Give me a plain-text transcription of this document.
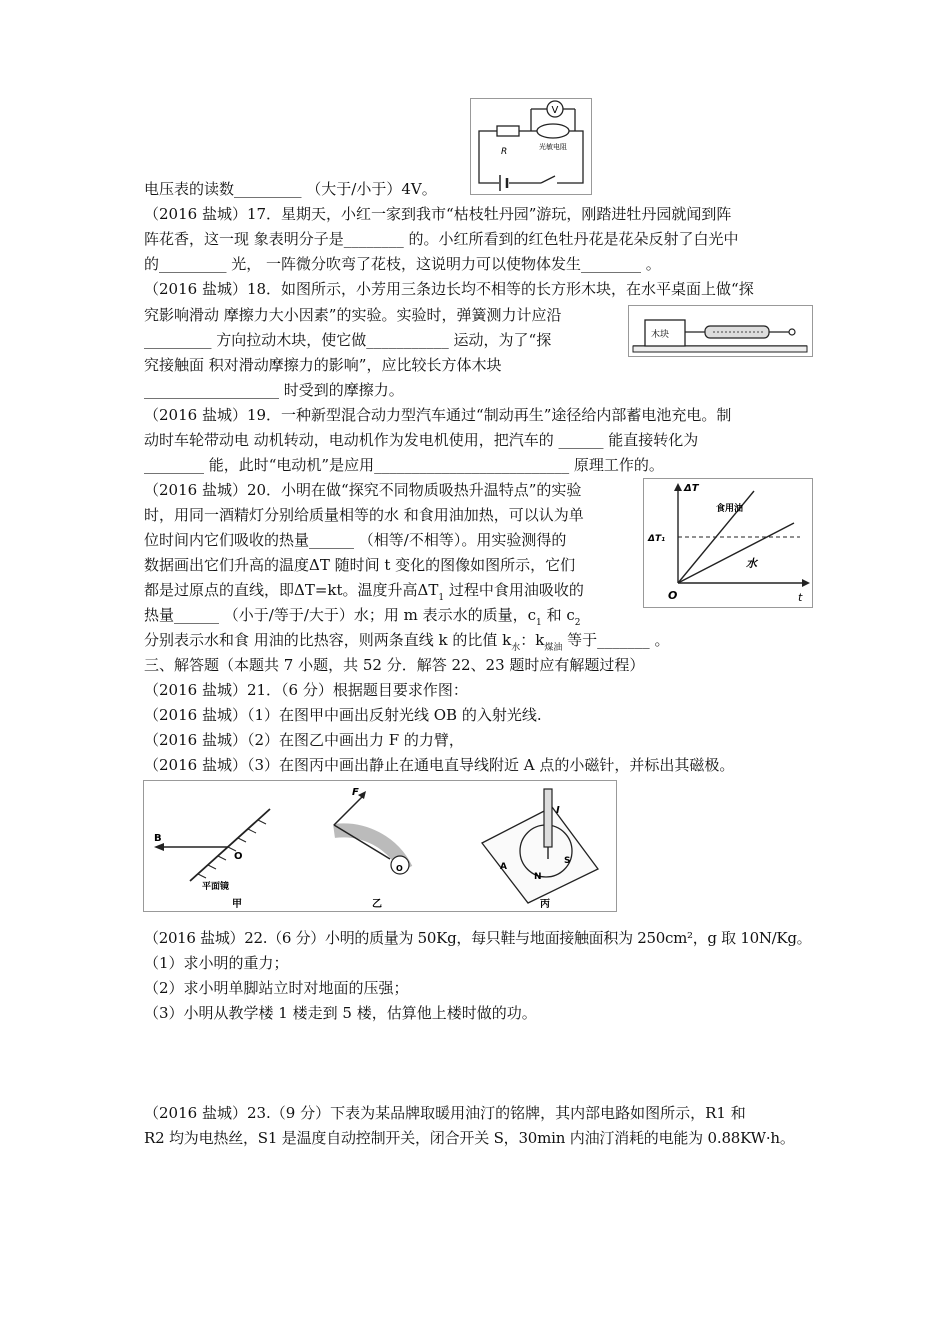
V
R	光敏电阻
木块
ΔT
ΔT₁
食用油
水
O	t
B
O
平面镜
甲
F
O
乙
I
A
N
S
丙
电压表的读数_________ （大于/小于）4V。
（2016 盐城）17．星期天，小红一家到我市“枯枝牡丹园”游玩，刚踏进牡丹园就闻到阵
阵花香，这一现 象表明分子是________ 的。小红所看到的红色牡丹花是花朵反射了白光中
的_________ 光， 一阵微分吹弯了花枝，这说明力可以使物体发生________ 。
（2016 盐城）18．如图所示，小芳用三条边长均不相等的长方形木块，在水平桌面上做“探
究影响滑动 摩擦力大小因素”的实验。实验时，弹簧测力计应沿
_________ 方向拉动木块，使它做___________ 运动，为了“探
究接触面 积对滑动摩擦力的影响”，应比较长方体木块
__________________ 时受到的摩擦力。
（2016 盐城）19．一种新型混合动力型汽车通过“制动再生”途径给内部蓄电池充电。制
动时车轮带动电 动机转动，电动机作为发电机使用，把汽车的 ______ 能直接转化为
________ 能，此时“电动机”是应用__________________________ 原理工作的。
（2016 盐城）20．小明在做“探究不同物质吸热升温特点”的实验
时，用同一酒精灯分别给质量相等的水 和食用油加热，可以认为单
位时间内它们吸收的热量______ （相等/不相等）。用实验测得的
数据画出它们升高的温度ΔT 随时间 t 变化的图像如图所示，它们
都是过原点的直线，即ΔT=kt。温度升高$\Delta T_1$ 过程中食用油吸收的
热量______ （小于/等于/大于）水；用 m 表示水的质量，$c_1$ 和 $c_2$
分别表示水和食 用油的比热容，则两条直线 k 的比值 $k_水$：$k_{煤油}$ 等于_______ 。
三、解答题（本题共 7 小题，共 52 分．解答 22、23 题时应有解题过程）
（2016 盐城）21．（6 分）根据题目要求作图：
（2016 盐城）（1）在图甲中画出反射光线 OB 的入射光线.
（2016 盐城）（2）在图乙中画出力 F 的力臂，
（2016 盐城）（3）在图丙中画出静止在通电直导线附近 A 点的小磁针，并标出其磁极。
（2016 盐城）22.（6 分）小明的质量为 50Kg，每只鞋与地面接触面积为 250cm²，g 取 10N/Kg。
（1）求小明的重力；
（2）求小明单脚站立时对地面的压强；
（3）小明从教学楼 1 楼走到 5 楼，估算他上楼时做的功。
（2016 盐城）23.（9 分）下表为某品牌取暖用油汀的铭牌，其内部电路如图所示，R1 和
R2 均为电热丝，S1 是温度自动控制开关，闭合开关 S，30min 内油汀消耗的电能为 0.88KW·h。
